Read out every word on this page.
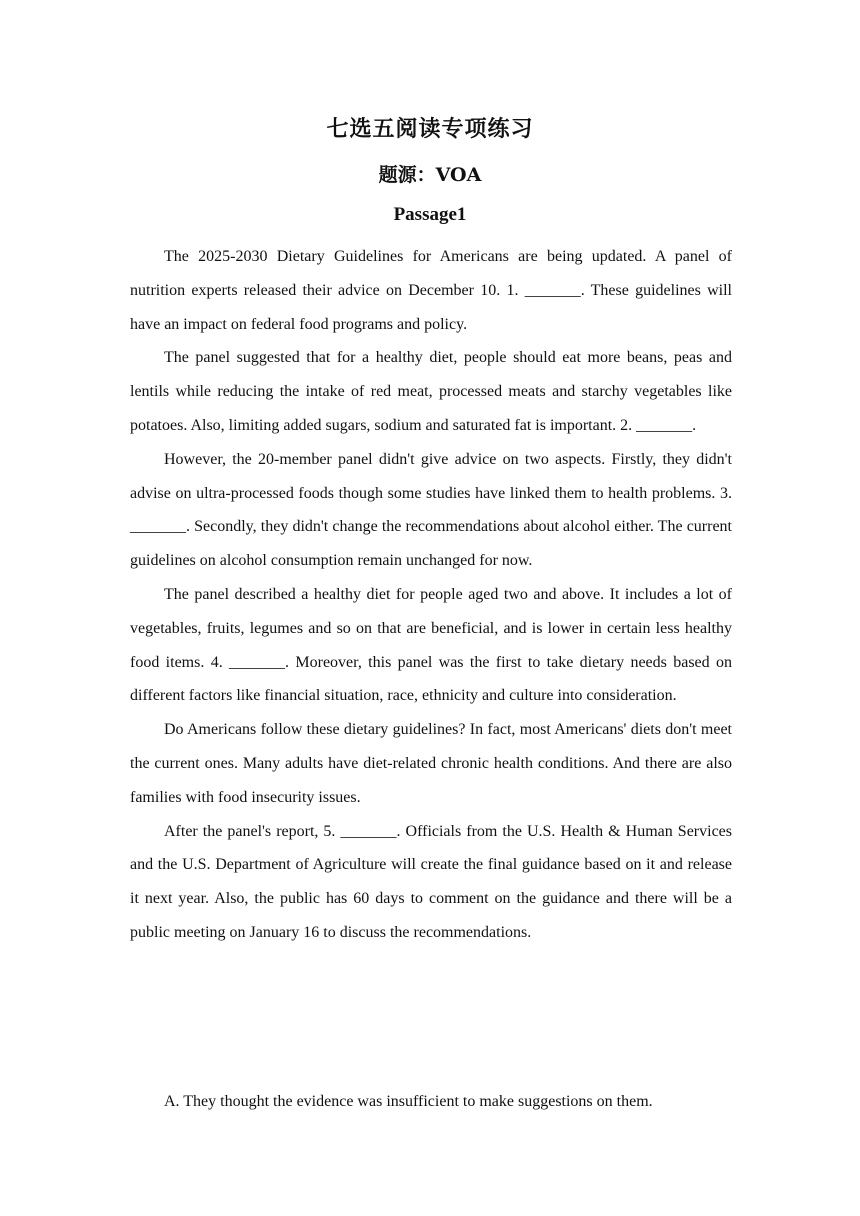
七选五阅读专项练习
题源：VOA
Passage1

The 2025-2030 Dietary Guidelines for Americans are being updated. A panel of nutrition experts released their advice on December 10. 1. _______. These guidelines will have an impact on federal food programs and policy.

The panel suggested that for a healthy diet, people should eat more beans, peas and lentils while reducing the intake of red meat, processed meats and starchy vegetables like potatoes. Also, limiting added sugars, sodium and saturated fat is important. 2. _______.

However, the 20-member panel didn't give advice on two aspects. Firstly, they didn't advise on ultra-processed foods though some studies have linked them to health problems. 3. _______. Secondly, they didn't change the recommendations about alcohol either. The current guidelines on alcohol consumption remain unchanged for now.

The panel described a healthy diet for people aged two and above. It includes a lot of vegetables, fruits, legumes and so on that are beneficial, and is lower in certain less healthy food items. 4. _______. Moreover, this panel was the first to take dietary needs based on different factors like financial situation, race, ethnicity and culture into consideration.

Do Americans follow these dietary guidelines? In fact, most Americans' diets don't meet the current ones. Many adults have diet-related chronic health conditions. And there are also families with food insecurity issues.

After the panel's report, 5. _______. Officials from the U.S. Health & Human Services and the U.S. Department of Agriculture will create the final guidance based on it and release it next year. Also, the public has 60 days to comment on the guidance and there will be a public meeting on January 16 to discuss the recommendations.

A. They thought the evidence was insufficient to make suggestions on them.
